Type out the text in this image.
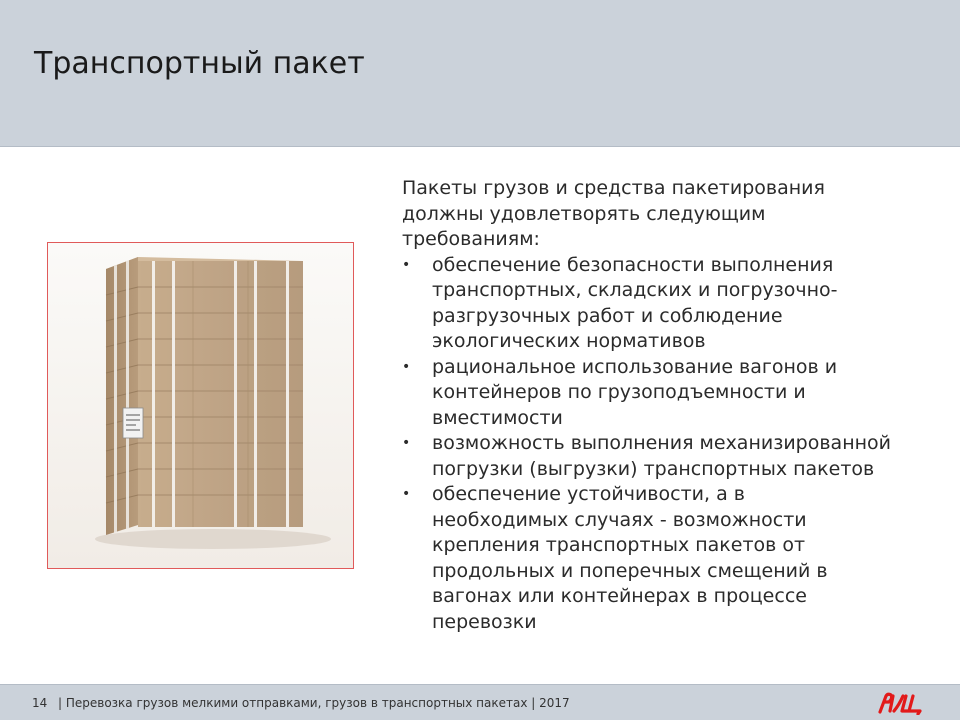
Транспортный пакет

Пакеты грузов и средства пакетирования должны удовлетворять следующим требованиям:

• обеспечение безопасности выполнения транспортных, складских и погрузочно-разгрузочных работ и соблюдение экологических нормативов
• рациональное использование вагонов и контейнеров по грузоподъемности и вместимости
• возможность выполнения механизированной погрузки (выгрузки) транспортных пакетов
• обеспечение устойчивости, а в необходимых случаях - возможности крепления транспортных пакетов от продольных и поперечных смещений в вагонах или контейнерах в процессе перевозки
14 | Перевозка грузов мелкими отправками, грузов в транспортных пакетах | 2017
